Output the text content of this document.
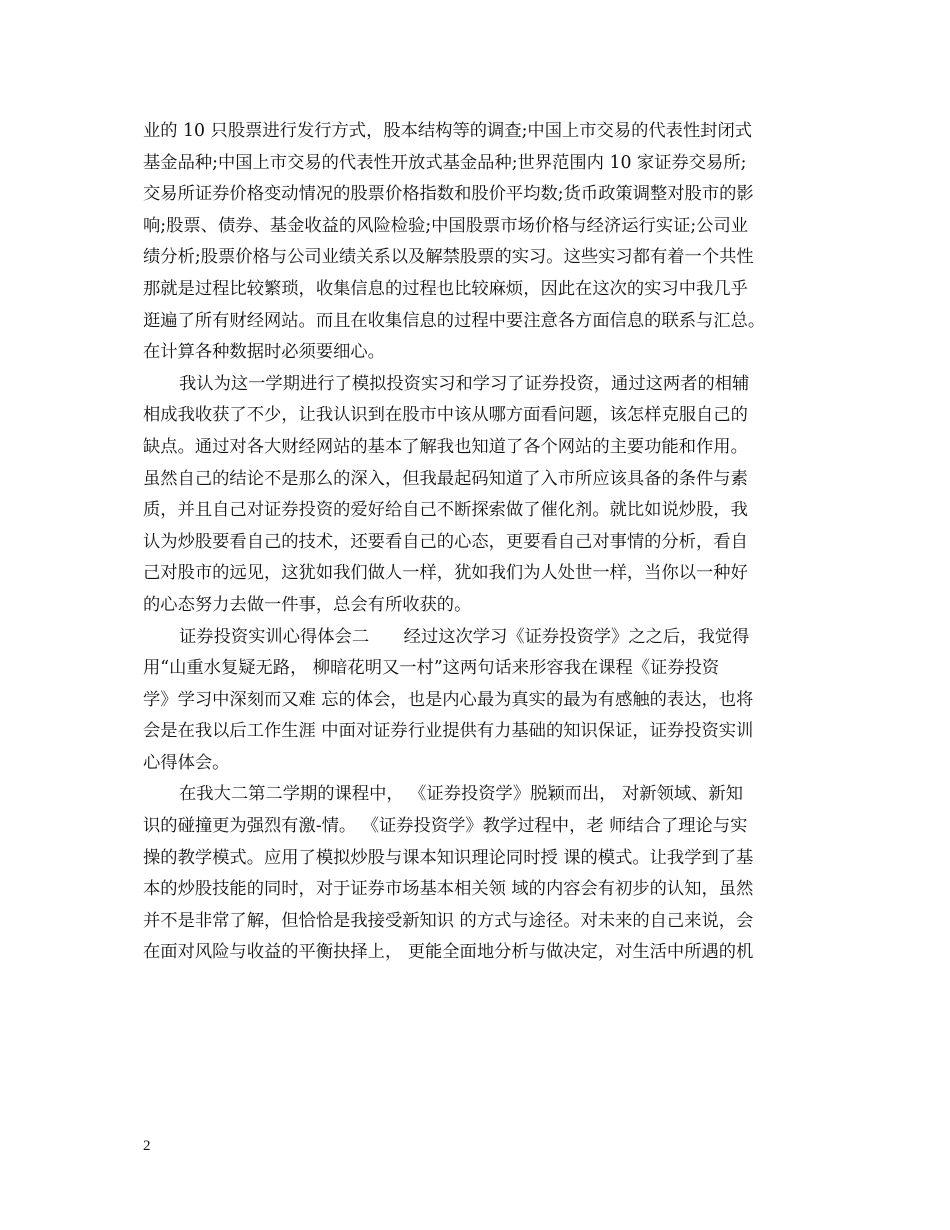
业的 10 只股票进行发行方式，股本结构等的调查;中国上市交易的代表性封闭式
基金品种;中国上市交易的代表性开放式基金品种;世界范围内 10 家证券交易所;
交易所证券价格变动情况的股票价格指数和股价平均数;货币政策调整对股市的影
响;股票、债券、基金收益的风险检验;中国股票市场价格与经济运行实证;公司业
绩分析;股票价格与公司业绩关系以及解禁股票的实习。这些实习都有着一个共性
那就是过程比较繁琐，收集信息的过程也比较麻烦，因此在这次的实习中我几乎
逛遍了所有财经网站。而且在收集信息的过程中要注意各方面信息的联系与汇总。
在计算各种数据时必须要细心。

我认为这一学期进行了模拟投资实习和学习了证券投资，通过这两者的相辅
相成我收获了不少，让我认识到在股市中该从哪方面看问题，该怎样克服自己的
缺点。通过对各大财经网站的基本了解我也知道了各个网站的主要功能和作用。
虽然自己的结论不是那么的深入，但我最起码知道了入市所应该具备的条件与素
质，并且自己对证券投资的爱好给自己不断探索做了催化剂。就比如说炒股，我
认为炒股要看自己的技术，还要看自己的心态，更要看自己对事情的分析，看自
己对股市的远见，这犹如我们做人一样，犹如我们为人处世一样，当你以一种好
的心态努力去做一件事，总会有所收获的。

证券投资实训心得体会二　　经过这次学习《证券投资学》之之后，我觉得
用“山重水复疑无路， 柳暗花明又一村”这两句话来形容我在课程《证券投资
学》学习中深刻而又难 忘的体会，也是内心最为真实的最为有感触的表达，也将
会是在我以后工作生涯 中面对证券行业提供有力基础的知识保证，证券投资实训
心得体会。

在我大二第二学期的课程中， 《证券投资学》脱颖而出， 对新领域、新知
识的碰撞更为强烈有激-情。 《证券投资学》教学过程中，老 师结合了理论与实
操的教学模式。应用了模拟炒股与课本知识理论同时授 课的模式。让我学到了基
本的炒股技能的同时，对于证券市场基本相关领 域的内容会有初步的认知，虽然
并不是非常了解，但恰恰是我接受新知识 的方式与途径。对未来的自己来说，会
在面对风险与收益的平衡抉择上， 更能全面地分析与做决定，对生活中所遇的机

2
